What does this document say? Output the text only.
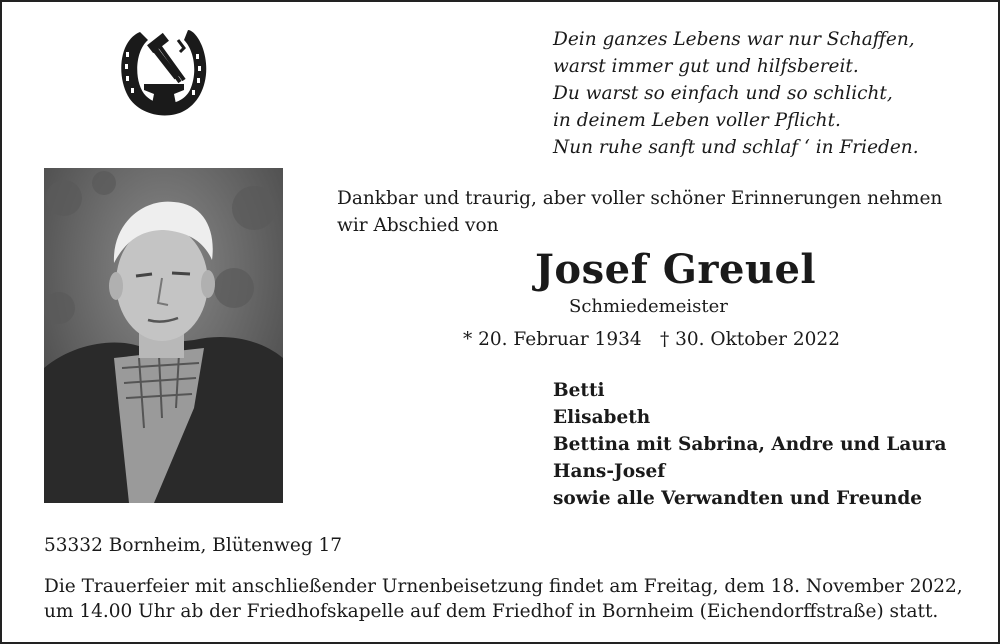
Dein ganzes Lebens war nur Schaffen,
warst immer gut und hilfsbereit.
Du warst so einfach und so schlicht,
in deinem Leben voller Pflicht.
Nun ruhe sanft und schlaf ‘ in Frieden.
Dankbar und traurig, aber voller schöner Erinnerungen nehmen
wir Abschied von
Josef Greuel
Schmiedemeister
* 20. Februar 1934 † 30. Oktober 2022
Betti
Elisabeth
Bettina mit Sabrina, Andre und Laura
Hans-Josef
sowie alle Verwandten und Freunde
53332 Bornheim, Blütenweg 17
Die Trauerfeier mit anschließender Urnenbeisetzung findet am Freitag, dem 18. November 2022,
um 14.00 Uhr ab der Friedhofskapelle auf dem Friedhof in Bornheim (Eichendorffstraße) statt.
